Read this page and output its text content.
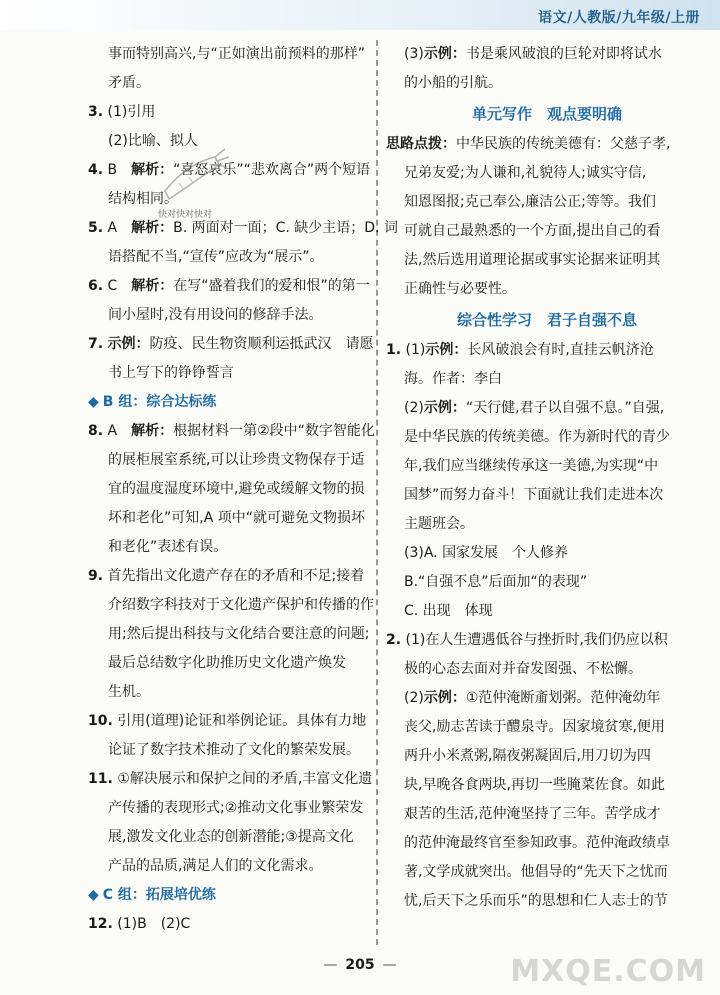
语文/人教版/九年级/上册
事而特别高兴,与“正如演出前预料的那样”
矛盾。
3. (1)引用
(2)比喻、拟人
4. B　解析：“喜怒哀乐”“悲欢离合”两个短语
结构相同。
5. A　解析：B. 两面对一面；C. 缺少主语；D. 词
语搭配不当,“宣传”应改为“展示”。
6. C　解析：在写“盛着我们的爱和恨”的第一
间小屋时,没有用设问的修辞手法。
7. 示例：防疫、民生物资顺利运抵武汉　请愿
书上写下的铮铮誓言
◆ B 组：综合达标练
8. A　解析：根据材料一第②段中“数字智能化
的展柜展室系统,可以让珍贵文物保存于适
宜的温度湿度环境中,避免或缓解文物的损
坏和老化”可知,A 项中“就可避免文物损坏
和老化”表述有误。
9. 首先指出文化遗产存在的矛盾和不足;接着
介绍数字科技对于文化遗产保护和传播的作
用;然后提出科技与文化结合要注意的问题;
最后总结数字化助推历史文化遗产焕发
生机。
10. 引用(道理)论证和举例论证。具体有力地
论证了数字技术推动了文化的繁荣发展。
11. ①解决展示和保护之间的矛盾,丰富文化遗
产传播的表现形式;②推动文化事业繁荣发
展,激发文化业态的创新潜能;③提高文化
产品的品质,满足人们的文化需求。
◆ C 组：拓展培优练
12. (1)B　(2)C
(3)示例：书是乘风破浪的巨轮对即将试水
的小船的引航。
单元写作　观点要明确
思路点拨：中华民族的传统美德有：父慈子孝,
兄弟友爱;为人谦和,礼貌待人;诚实守信,
知恩图报;克己奉公,廉洁公正;等等。我们
可就自己最熟悉的一个方面,提出自己的看
法,然后选用道理论据或事实论据来证明其
正确性与必要性。
综合性学习　君子自强不息
1. (1)示例：长风破浪会有时,直挂云帆济沧
海。作者：李白
(2)示例：“天行健,君子以自强不息。”自强,
是中华民族的传统美德。作为新时代的青少
年,我们应当继续传承这一美德,为实现“中
国梦”而努力奋斗！下面就让我们走进本次
主题班会。
(3)A. 国家发展　个人修养
B.“自强不息”后面加“的表现”
C. 出现　体现
2. (1)在人生遭遇低谷与挫折时,我们仍应以积
极的心态去面对并奋发图强、不松懈。
(2)示例：①范仲淹断齑划粥。范仲淹幼年
丧父,励志苦读于醴泉寺。因家境贫寒,便用
两升小米煮粥,隔夜粥凝固后,用刀切为四
块,早晚各食两块,再切一些腌菜佐食。如此
艰苦的生活,范仲淹坚持了三年。苦学成才
的范仲淹最终官至参知政事。范仲淹政绩卓
著,文学成就突出。他倡导的“先天下之忧而
忧,后天下之乐而乐”的思想和仁人志士的节
快对快对快对
— 205 —	MXQE.COM
